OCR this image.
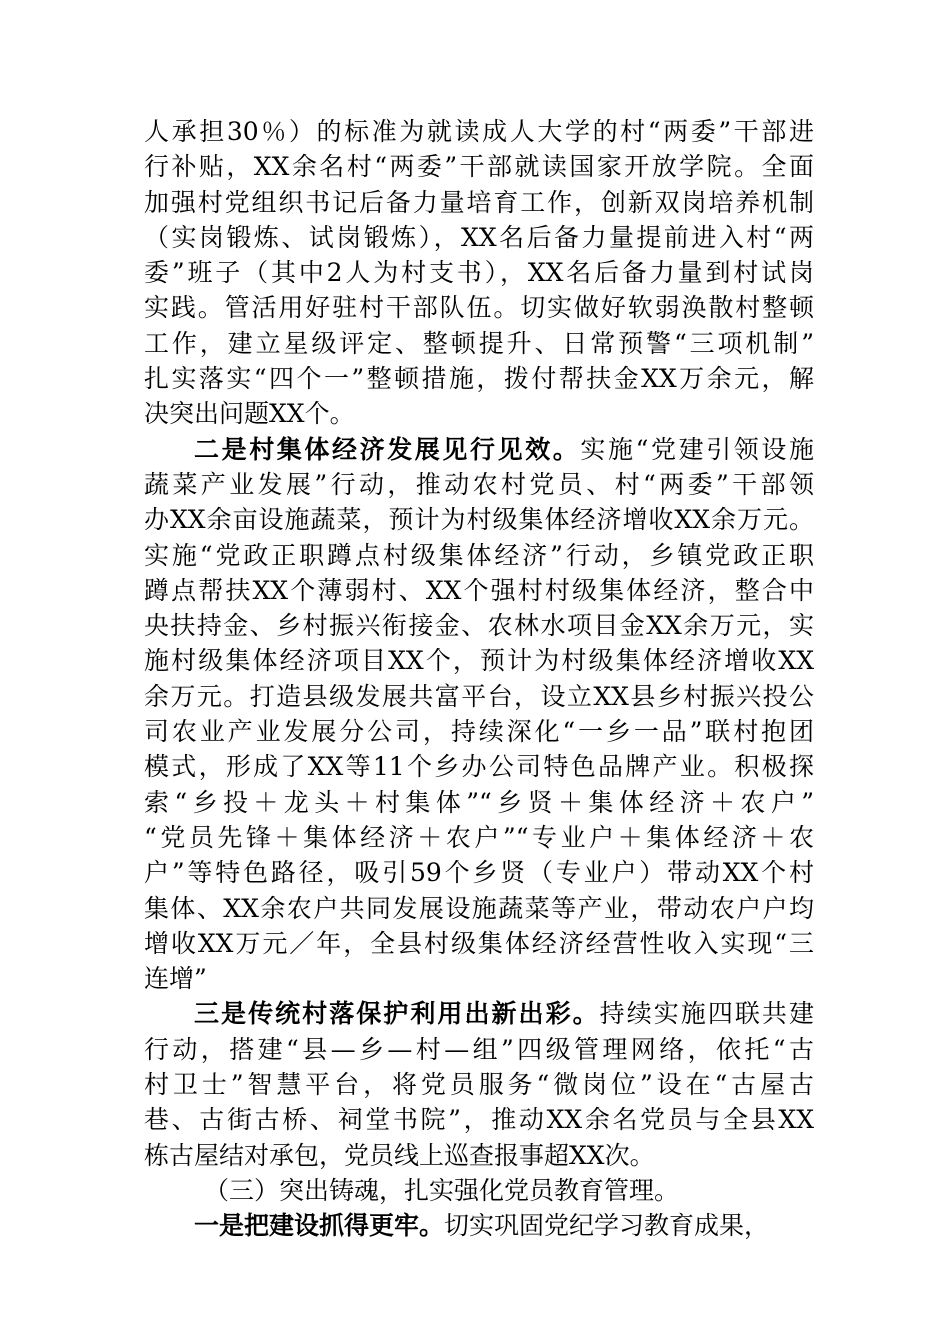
人承担30％）的标准为就读成人大学的村“两委”干部进
行补贴，XX余名村“两委”干部就读国家开放学院。全面
加强村党组织书记后备力量培育工作，创新双岗培养机制
（实岗锻炼、试岗锻炼），XX名后备力量提前进入村“两
委”班子（其中2人为村支书），XX名后备力量到村试岗
实践。管活用好驻村干部队伍。切实做好软弱涣散村整顿
工作，建立星级评定、整顿提升、日常预警“三项机制”
扎实落实“四个一”整顿措施，拨付帮扶金XX万余元，解
决突出问题XX个。
二是村集体经济发展见行见效。实施“党建引领设施
蔬菜产业发展”行动，推动农村党员、村“两委”干部领
办XX余亩设施蔬菜，预计为村级集体经济增收XX余万元。
实施“党政正职蹲点村级集体经济”行动，乡镇党政正职
蹲点帮扶XX个薄弱村、XX个强村村级集体经济，整合中
央扶持金、乡村振兴衔接金、农林水项目金XX余万元，实
施村级集体经济项目XX个，预计为村级集体经济增收XX
余万元。打造县级发展共富平台，设立XX县乡村振兴投公
司农业产业发展分公司，持续深化“一乡一品”联村抱团
模式，形成了XX等11个乡办公司特色品牌产业。积极探
索“乡投＋龙头＋村集体”“乡贤＋集体经济＋农户”
“党员先锋＋集体经济＋农户”“专业户＋集体经济＋农
户”等特色路径，吸引59个乡贤（专业户）带动XX个村
集体、XX余农户共同发展设施蔬菜等产业，带动农户户均
增收XX万元／年，全县村级集体经济经营性收入实现“三
连增”
三是传统村落保护利用出新出彩。持续实施四联共建
行动，搭建“县—乡—村—组”四级管理网络，依托“古
村卫士”智慧平台，将党员服务“微岗位”设在“古屋古
巷、古街古桥、祠堂书院”，推动XX余名党员与全县XX
栋古屋结对承包，党员线上巡查报事超XX次。
（三）突出铸魂，扎实强化党员教育管理。
一是把建设抓得更牢。切实巩固党纪学习教育成果，
